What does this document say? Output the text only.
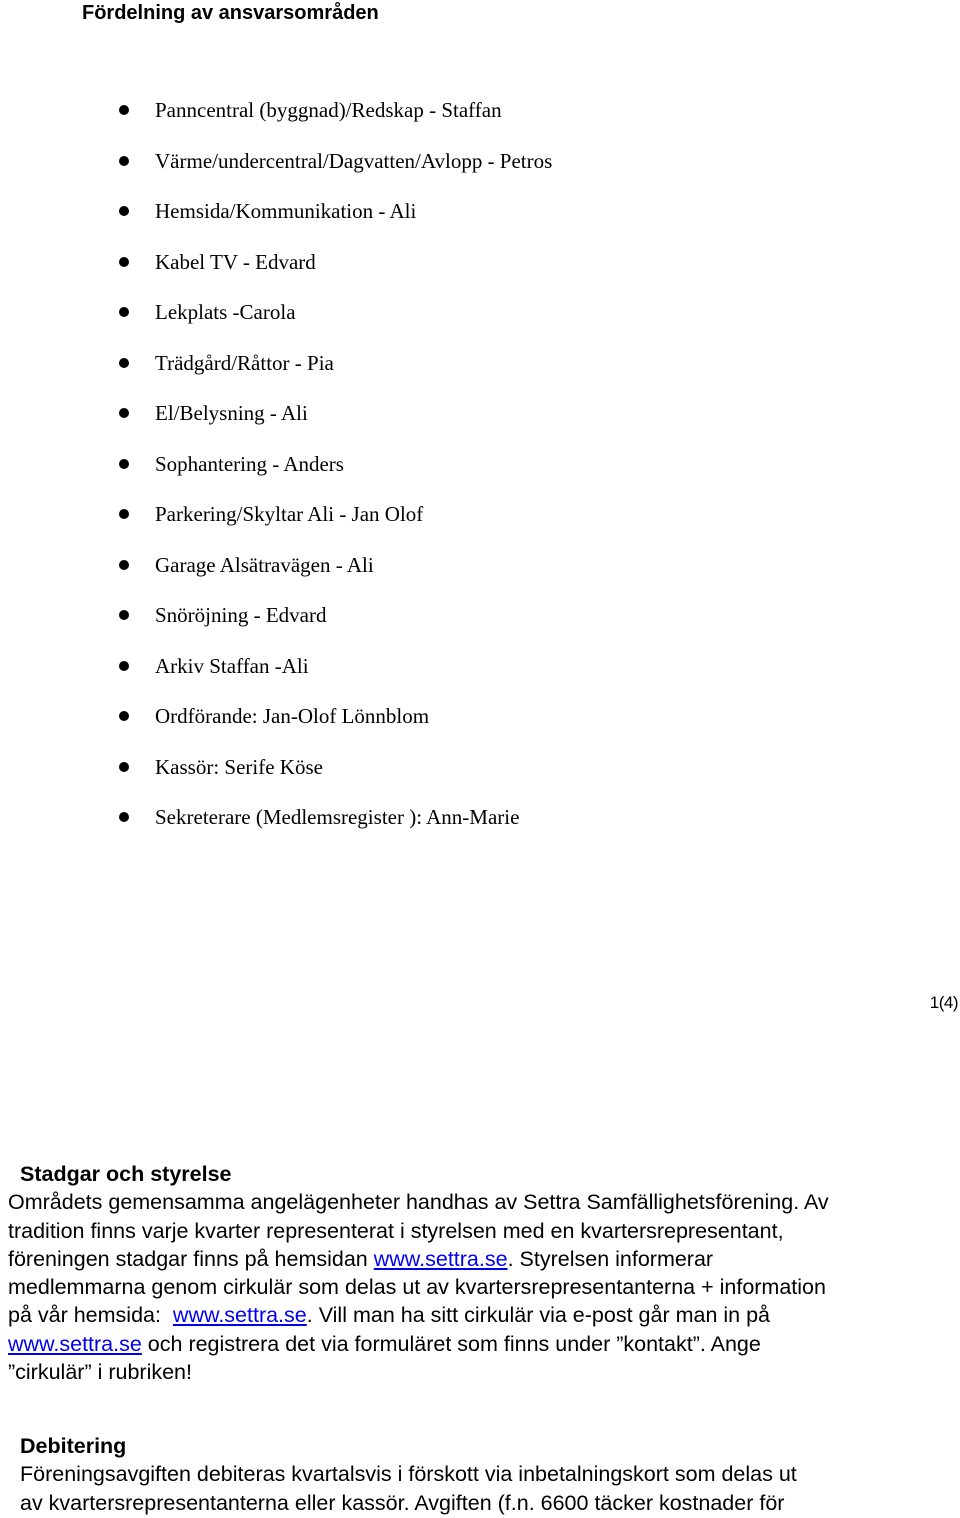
Fördelning av ansvarsområden
Panncentral (byggnad)/Redskap - Staffan
Värme/undercentral/Dagvatten/Avlopp - Petros
Hemsida/Kommunikation - Ali
Kabel TV - Edvard
Lekplats -Carola
Trädgård/Råttor - Pia
El/Belysning - Ali
Sophantering - Anders
Parkering/Skyltar Ali - Jan Olof
Garage Alsätravägen - Ali
Snöröjning - Edvard
Arkiv Staffan -Ali
Ordförande: Jan-Olof Lönnblom
Kassör: Serife Köse
Sekreterare (Medlemsregister ): Ann-Marie
1(4)
Stadgar och styrelse

Områdets gemensamma angelägenheter handhas av Settra Samfällighetsförening. Av
tradition finns varje kvarter representerat i styrelsen med en kvartersrepresentant,
föreningen stadgar finns på hemsidan www.settra.se. Styrelsen informerar
medlemmarna genom cirkulär som delas ut av kvartersrepresentanterna + information
på vår hemsida:  www.settra.se. Vill man ha sitt cirkulär via e-post går man in på
www.settra.se och registrera det via formuläret som finns under ”kontakt”. Ange
”cirkulär” i rubriken!

Debitering

Föreningsavgiften debiteras kvartalsvis i förskott via inbetalningskort som delas ut
av kvartersrepresentanterna eller kassör. Avgiften (f.n. 6600 täcker kostnader för
